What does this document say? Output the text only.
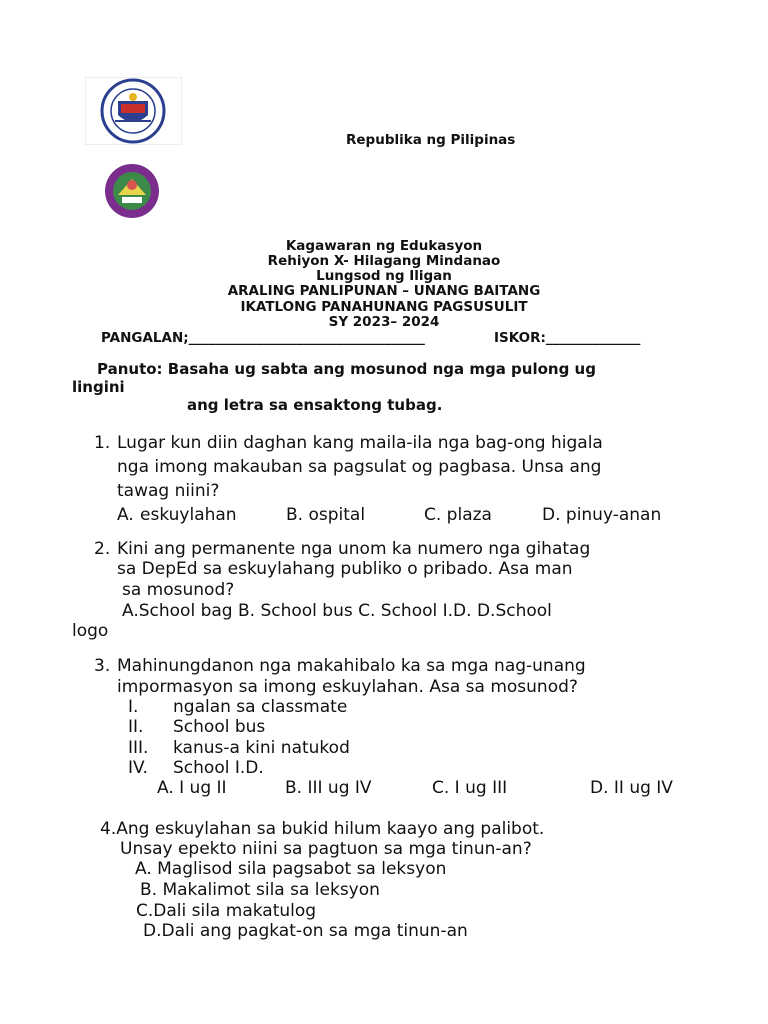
Republika ng Pilipinas
Kagawaran ng Edukasyon
Rehiyon X- Hilagang Mindanao
Lungsod ng Iligan
ARALING PANLIPUNAN – UNANG BAITANG
IKATLONG PANAHUNANG PAGSUSULIT
SY 2023– 2024
PANGALAN;___________________________________	ISKOR:______________
Panuto: Basaha ug sabta ang mosunod nga mga pulong ug
lingini
ang letra sa ensaktong tubag.
1. Lugar kun diin daghan kang maila-ila nga bag-ong higala
nga imong makauban sa pagsulat og pagbasa. Unsa ang
tawag niini?
A. eskuylahan	B. ospital	C. plaza	D. pinuy-anan
2. Kini ang permanente nga unom ka numero nga gihatag
sa DepEd sa eskuylahang publiko o pribado. Asa man
sa mosunod?
A.School bag B. School bus C. School I.D. D.School
logo
3. Mahinungdanon nga makahibalo ka sa mga nag-unang
impormasyon sa imong eskuylahan. Asa sa mosunod?
I. ngalan sa classmate
II. School bus
III. kanus-a kini natukod
IV. School I.D.
A. I ug II	B. III ug IV	C. I ug III	D. II ug IV
4.Ang eskuylahan sa bukid hilum kaayo ang palibot.
Unsay epekto niini sa pagtuon sa mga tinun-an?
A. Maglisod sila pagsabot sa leksyon
B. Makalimot sila sa leksyon
C.Dali sila makatulog
D.Dali ang pagkat-on sa mga tinun-an
